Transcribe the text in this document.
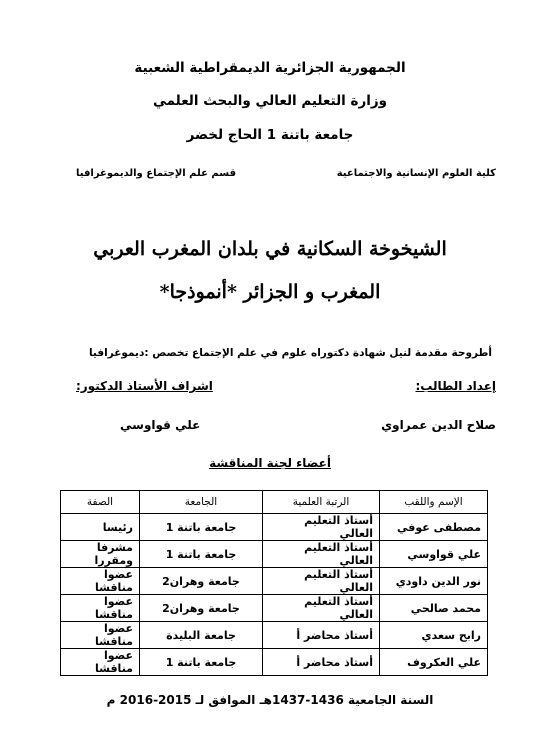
الجمهورية الجزائرية الديمقراطية الشعبية
وزارة التعليم العالي والبحث العلمي
جامعة باتنة 1 الحاج لخضر
كلية العلوم الإنسانية والاجتماعية
قسم علم الإجتماع والديموغرافيا
الشيخوخة السكانية في بلدان المغرب العربي
المغرب و الجزائر *أنموذجا*
أطروحة مقدمة لنيل شهادة دكتوراه علوم في علم الإجتماع تخصص :ديموغرافيا
إعداد الطالب:
اشراف الأستاذ الدكتور:
صلاح الدين عمراوي
علي قواوسي
أعضاء لجنة المناقشة
الإسم واللقب	الرتبة العلمية	الجامعة	الصفة
مصطفى عوفي	أستاذ التعليم العالي	جامعة باتنة 1	رئيسا
علي قواوسي	أستاذ التعليم العالي	جامعة باتنة 1	مشرفا ومقررا
نور الدين داودي	أستاذ التعليم العالي	جامعة وهران2	عضوا مناقشا
محمد صالحي	أستاذ التعليم العالي	جامعة وهران2	عضوا مناقشا
رابح سعدي	أستاذ محاضر أ	جامعة البليدة	عضوا مناقشا
علي العكروف	أستاذ محاضر أ	جامعة باتنة 1	عضوا مناقشا
السنة الجامعية 1436-1437هـ الموافق لـ 2015-2016 م
